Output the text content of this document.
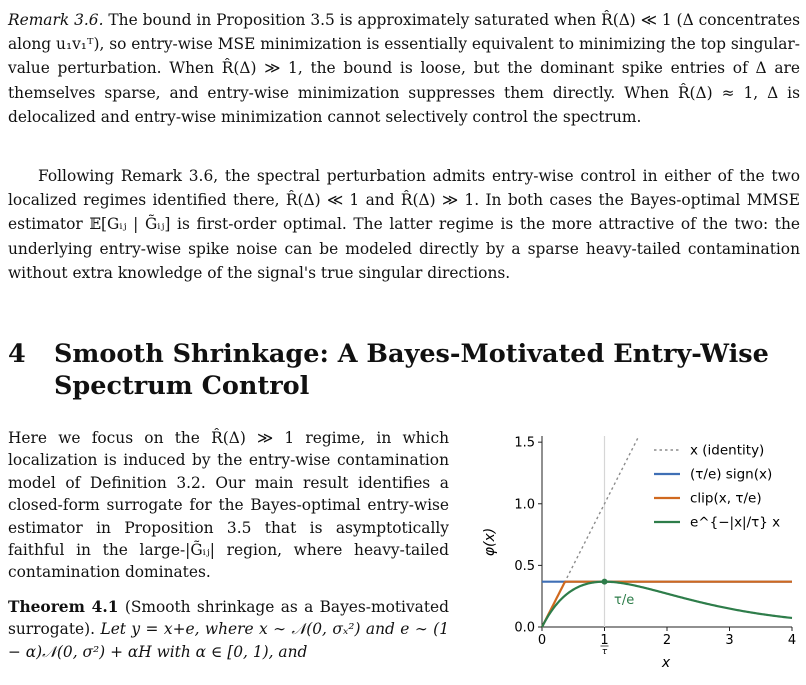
Remark 3.6. The bound in Proposition 3.5 is approximately saturated when R̂(Δ) ≪ 1 (Δ concentrates along u₁v₁ᵀ), so entry-wise MSE minimization is essentially equivalent to minimizing the top singular-value perturbation. When R̂(Δ) ≫ 1, the bound is loose, but the dominant spike entries of Δ are themselves sparse, and entry-wise minimization suppresses them directly. When R̂(Δ) ≈ 1, Δ is delocalized and entry-wise minimization cannot selectively control the spectrum.
Following Remark 3.6, the spectral perturbation admits entry-wise control in either of the two localized regimes identified there, R̂(Δ) ≪ 1 and R̂(Δ) ≫ 1. In both cases the Bayes-optimal MMSE estimator 𝔼[Gᵢⱼ | G̃ᵢⱼ] is first-order optimal. The latter regime is the more attractive of the two: the underlying entry-wise spike noise can be modeled directly by a sparse heavy-tailed contamination without extra knowledge of the signal's true singular directions.
4 Smooth Shrinkage: A Bayes-Motivated Entry-Wise
Spectrum Control

Here we focus on the R̂(Δ) ≫ 1 regime, in which localization is induced by the entry-wise contamination model of Definition 3.2. Our main result identifies a closed-form surrogate for the Bayes-optimal entry-wise estimator in Proposition 3.5 that is asymptotically faithful in the large-|G̃ᵢⱼ| region, where heavy-tailed contamination dominates.

Theorem 4.1 (Smooth shrinkage as a Bayes-motivated surrogate). Let y = x+e, where x ∼ 𝒩(0, σₓ²) and e ∼ (1 − α)𝒩(0, σ²) + αH with α ∈ [0, 1), and

0	1	2	3	4
τ
0.0
0.5
1.0
1.5	x (identity)
(τ/e) sign(x)
clip(x, τ/e)
e^{−|x|/τ} x
φ(x)
x
τ/e
